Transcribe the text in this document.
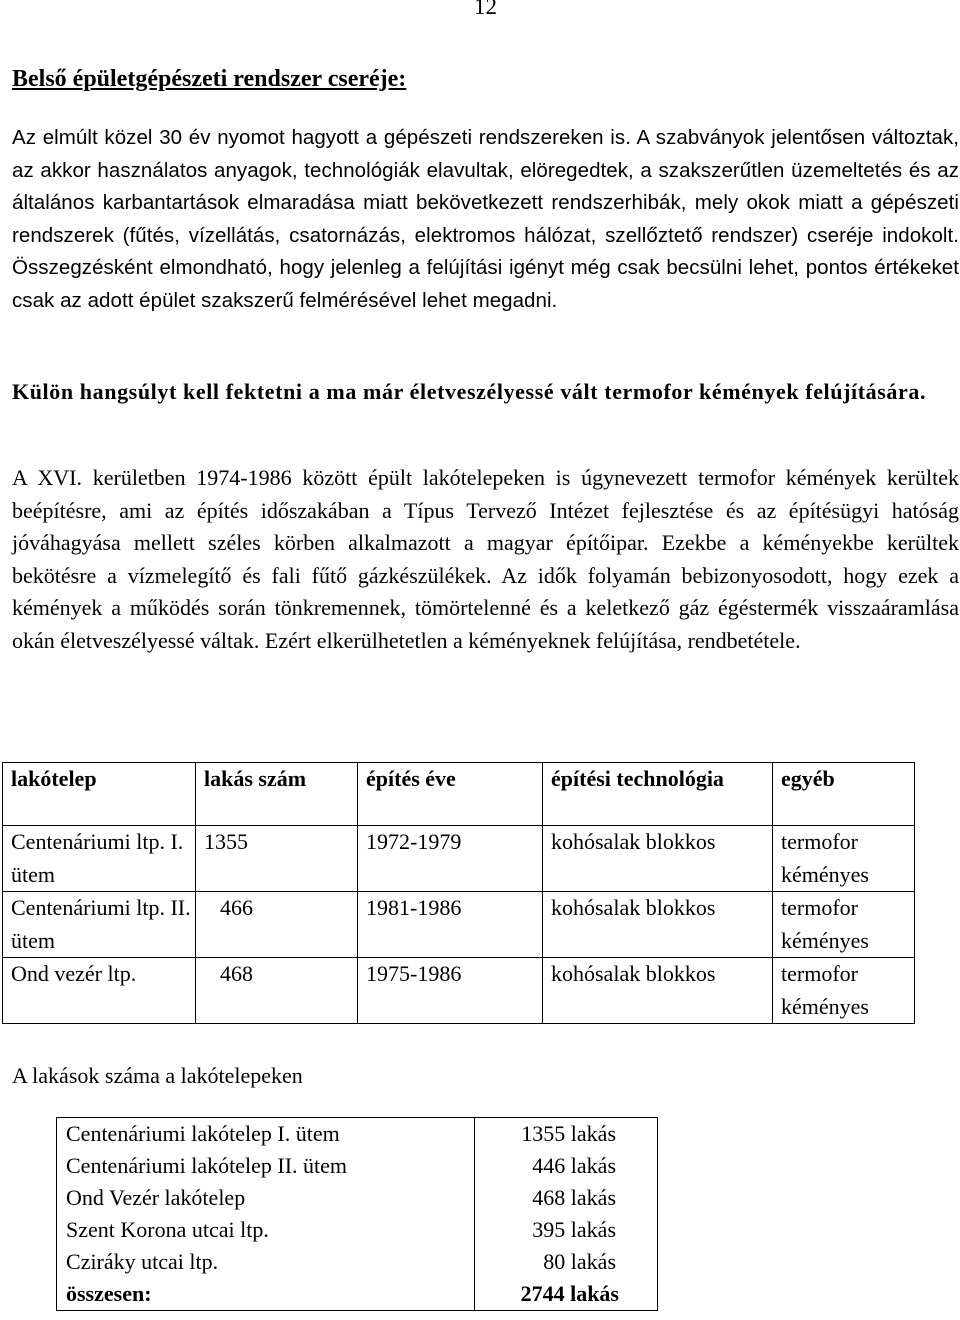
12
Belső épületgépészeti rendszer cseréje:

Az elmúlt közel 30 év nyomot hagyott a gépészeti rendszereken is. A szabványok jelentősen változtak, az akkor használatos anyagok, technológiák elavultak, elöregedtek, a szakszerűtlen üzemeltetés és az általános karbantartások elmaradása miatt bekövetkezett rendszerhibák, mely okok miatt a gépészeti rendszerek (fűtés, vízellátás, csatornázás, elektromos hálózat, szellőztető rendszer) cseréje indokolt. Összegzésként elmondható, hogy jelenleg a felújítási igényt még csak becsülni lehet, pontos értékeket csak az adott épület szakszerű felmérésével lehet megadni.

Külön hangsúlyt kell fektetni a ma már életveszélyessé vált termofor kémények felújítására.

A XVI. kerületben 1974-1986 között épült lakótelepeken is úgynevezett termofor kémények kerültek beépítésre, ami az építés időszakában a Típus Tervező Intézet fejlesztése és az építésügyi hatóság jóváhagyása mellett széles körben alkalmazott a magyar építőipar. Ezekbe a kéményekbe kerültek bekötésre a vízmelegítő és fali fűtő gázkészülékek. Az idők folyamán bebizonyosodott, hogy ezek a kémények a működés során tönkremennek, tömörtelenné és a keletkező gáz égéstermék visszaáramlása okán életveszélyessé váltak. Ezért elkerülhetetlen a kéményeknek felújítása, rendbetétele.

lakótelep	lakás szám	építés éve	építési technológia	egyéb
Centenáriumi ltp. I. ütem	1355	1972-1979	kohósalak blokkos	termofor kéményes
Centenáriumi ltp. II. ütem	466	1981-1986	kohósalak blokkos	termofor kéményes
Ond vezér ltp.	468	1975-1986	kohósalak blokkos	termofor kéményes
A lakások száma a lakótelepeken
Centenáriumi lakótelep I. ütem	1355 lakás
Centenáriumi lakótelep II. ütem	446 lakás
Ond Vezér lakótelep	468 lakás
Szent Korona utcai ltp.	395 lakás
Cziráky utcai ltp.	80 lakás
összesen:	2744 lakás
